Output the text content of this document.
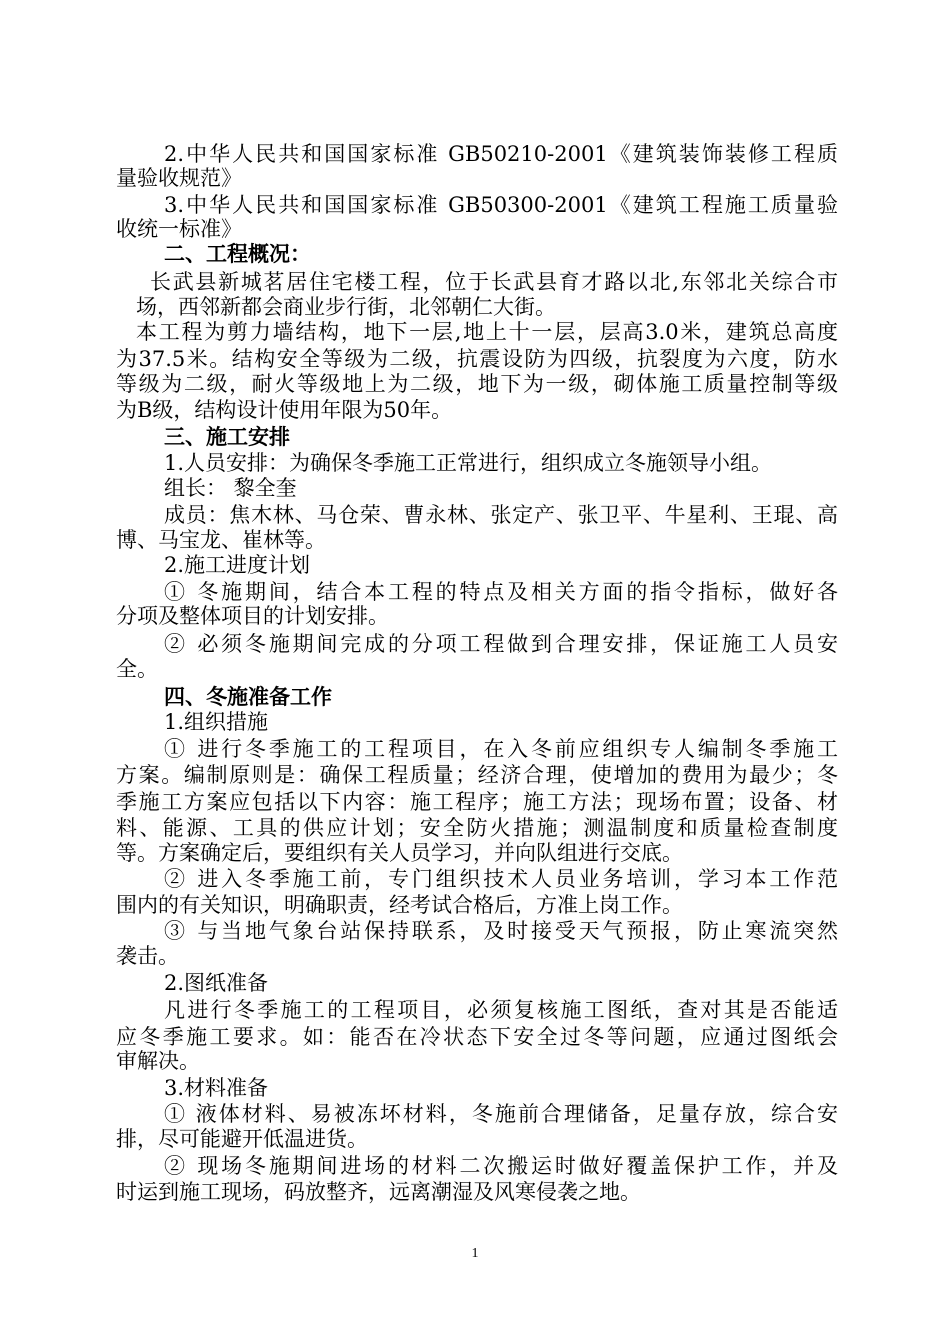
2.中华人民共和国国家标准 GB50210-2001《建筑装饰装修工程质
量验收规范》
3.中华人民共和国国家标准 GB50300-2001《建筑工程施工质量验
收统一标准》
二、工程概况：
长武县新城茗居住宅楼工程，位于长武县育才路以北,东邻北关综合市
场，西邻新都会商业步行街，北邻朝仁大街。
本工程为剪力墙结构，地下一层,地上十一层，层高3.0米，建筑总高度
为37.5米。结构安全等级为二级，抗震设防为四级，抗裂度为六度，防水
等级为二级，耐火等级地上为二级，地下为一级，砌体施工质量控制等级
为B级，结构设计使用年限为50年。
三、施工安排
1.人员安排：为确保冬季施工正常进行，组织成立冬施领导小组。
组长： 黎全奎
成员：焦木林、马仓荣、曹永林、张定产、张卫平、牛星利、王琨、高
博、马宝龙、崔林等。
2.施工进度计划
① 冬施期间，结合本工程的特点及相关方面的指令指标，做好各
分项及整体项目的计划安排。
② 必须冬施期间完成的分项工程做到合理安排，保证施工人员安
全。
四、冬施准备工作
1.组织措施
① 进行冬季施工的工程项目，在入冬前应组织专人编制冬季施工
方案。编制原则是：确保工程质量；经济合理，使增加的费用为最少；冬
季施工方案应包括以下内容：施工程序；施工方法；现场布置；设备、材
料、能源、工具的供应计划；安全防火措施；测温制度和质量检查制度
等。方案确定后，要组织有关人员学习，并向队组进行交底。
② 进入冬季施工前，专门组织技术人员业务培训，学习本工作范
围内的有关知识，明确职责，经考试合格后，方准上岗工作。
③ 与当地气象台站保持联系，及时接受天气预报，防止寒流突然
袭击。
2.图纸准备
凡进行冬季施工的工程项目，必须复核施工图纸，查对其是否能适
应冬季施工要求。如：能否在冷状态下安全过冬等问题，应通过图纸会
审解决。
3.材料准备
① 液体材料、易被冻坏材料，冬施前合理储备，足量存放，综合安
排，尽可能避开低温进货。
② 现场冬施期间进场的材料二次搬运时做好覆盖保护工作，并及
时运到施工现场，码放整齐，远离潮湿及风寒侵袭之地。
1
